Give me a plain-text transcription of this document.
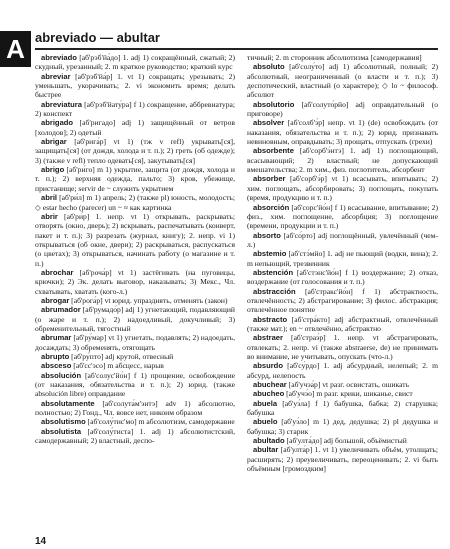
A abreviado — abultar

abreviado [аб'рэб'йа́до] 1. adj 1) сокращённый, сжатый; 2) скудный, урезанный; 2. m краткое руководство; краткий курс

abreviar [аб'рэб'йа́р] 1. vt 1) сокращать; урезывать; 2) уменьшать, укорачивать; 2. vi экономить время; делать быстрее

abreviatura [аб'рэб'йату́ра] f 1) сокращение, аббревиатура; 2) конспект

abrigado [аб'ригадо] adj 1) защищённый от ветров [холодов]; 2) одетый

abrigar [аб'рига́р] vt 1) (тж v refl) укрывать[ся], защищать[ся] (от дождя, холода и т. п.); 2) греть (об одежде); 3) (также v refl) тепло одевать[ся], закутывать[ся]

abrigo [аб'ри́го] m 1) укрытие, защита (от дождя, холода и т. п.); 2) верхняя одежда, пальто; 3) кров, убежище, пристанище; servir de ~ служить укрытием

abril [аб'ри́л] m 1) апрель; 2) (также pl) юность, молодость; ◇ estar hecho (parecer) un ~ ≈ как картинка

abrir [аб'ри́р] 1. непр. vt 1) открывать, раскрывать; отворять (окно, дверь); 2) вскрывать, распечатывать (конверт, пакет и т. п.); 3) разрезать (журнал, книгу); 2. непр. vi 1) открываться (об окне, двери); 2) раскрываться, распускаться (о цветах); 3) открываться, начинать работу (о магазине и т. п.)

abrochar [аб'роча́р] vt 1) застёгивать (на пуговицы, крючки); 2) Эк. делать выговор, наказывать; 3) Мекс., Чл. схватывать, хватать (кого-л.)

abrogar [аб'рога́р] vt юрид. упразднять, отменять (закон)

abrumador [аб'румадо́р] adj 1) угнетающий, подавляющий (о жаре и т. п.); 2) надоедливый, докучливый; 3) обременительный, тягостный

abrumar [аб'ру́мар] vt 1) угнетать, подавлять; 2) надоедать, досаждать; 3) обременять, отягощать

abrupto [аб'ру́пто] adj крутой, отвесный

absceso [аб'сс'эсо] m абсцесс, нарыв

absolución [аб'солус'йо́н] f 1) прощение, освобождение (от наказания, обязательства и т. п.); 2) юрид. (также absolución libre) оправдание

absolutamente [аб'солута́м'энтэ] adv 1) абсолютно, полностью; 2) Гонд., Чл. вовсе нет, никоим образом

absolutismo [аб'солу́тис'мо] m абсолютизм, самодержавие

absolutista [аб'солу́тиста] 1. adj 1) абсолютистский, самодержавный; 2) властный, деспо-

тичный; 2. m сторонник абсолютизма [самодержавия]

absoluto [аб'солу́то] adj 1) абсолютный, полный; 2) абсолютный, неограниченный (о власти и т. п.); 3) деспотический, властный (о характере); ◇ lo ~ философ. абсолют

absolutorio [аб'солуто́рйо] adj оправдательный (о приговоре)

absolver [аб'солб'э́р] непр. vt 1) (de) освобождать (от наказания, обязательства и т. п.); 2) юрид. признавать невиновным, оправдывать; 3) прощать, отпускать (грехи)

absorbente [аб'сорб'э́нтэ] 1. adj 1) поглощающий, всасывающий; 2) властный; не допускающий вмешательства; 2. m хим., физ. поглотитель, абсорбент

absorber [аб'сорб'э́р] vt 1) всасывать, впитывать; 2) хим. поглощать, абсорбировать; 3) поглощать, покупать (время, продукцию и т. п.)

absorción [аб'сорс'йо́н] f 1) всасывание, впитывание; 2) физ., хим. поглощение, абсорбция; 3) поглощение (времени, продукции и т. п.)

absorto [аб'со́рто] adj поглощённый, увлечённый (чем-л.)

abstemio [аб'стэ́мйо] 1. adj не пьющий (водки, вина); 2. m непьющий, трезвенник

abstención [аб'стэнс'йо́н] f 1) воздержание; 2) отказ, воздержание (от голосования и т. п.)

abstracción [аб'стракс'йо́н] f 1) абстрактность, отвлечённость; 2) абстрагирование; 3) филос. абстракция; отвлечённое понятие

abstracto [аб'стра́кто] adj абстрактный, отвлечённый (также мат.); en ~ отвлечённо, абстрактно

abstraer [аб'страэ́р] 1. непр. vt абстрагировать, отвлекать; 2. непр. vi (также abstraerse, de) не принимать во внимание, не учитывать, опускать (что-л.)

absurdo [аб'су́рдо] 1. adj абсурдный, нелепый; 2. m абсурд, нелепость

abuchear [аб'учэа́р] vt разг. освистать, ошикать

abucheo [аб'учэ́о] m разг. крики, шиканье, свист

abuela [аб'уэ́ла] f 1) бабушка, бабка; 2) старушка; бабушка

abuelo [аб'уэ́ло] m 1) дед, дедушка; 2) pl дедушка и бабушка; 3) старик

abultado [аб'улта́до] adj большой, объёмистый

abultar [аб'улта́р] 1. vt 1) увеличивать объём, утолщать; расширять; 2) преувеличивать, переоценивать; 2. vi быть объёмным [громоздким]

14
